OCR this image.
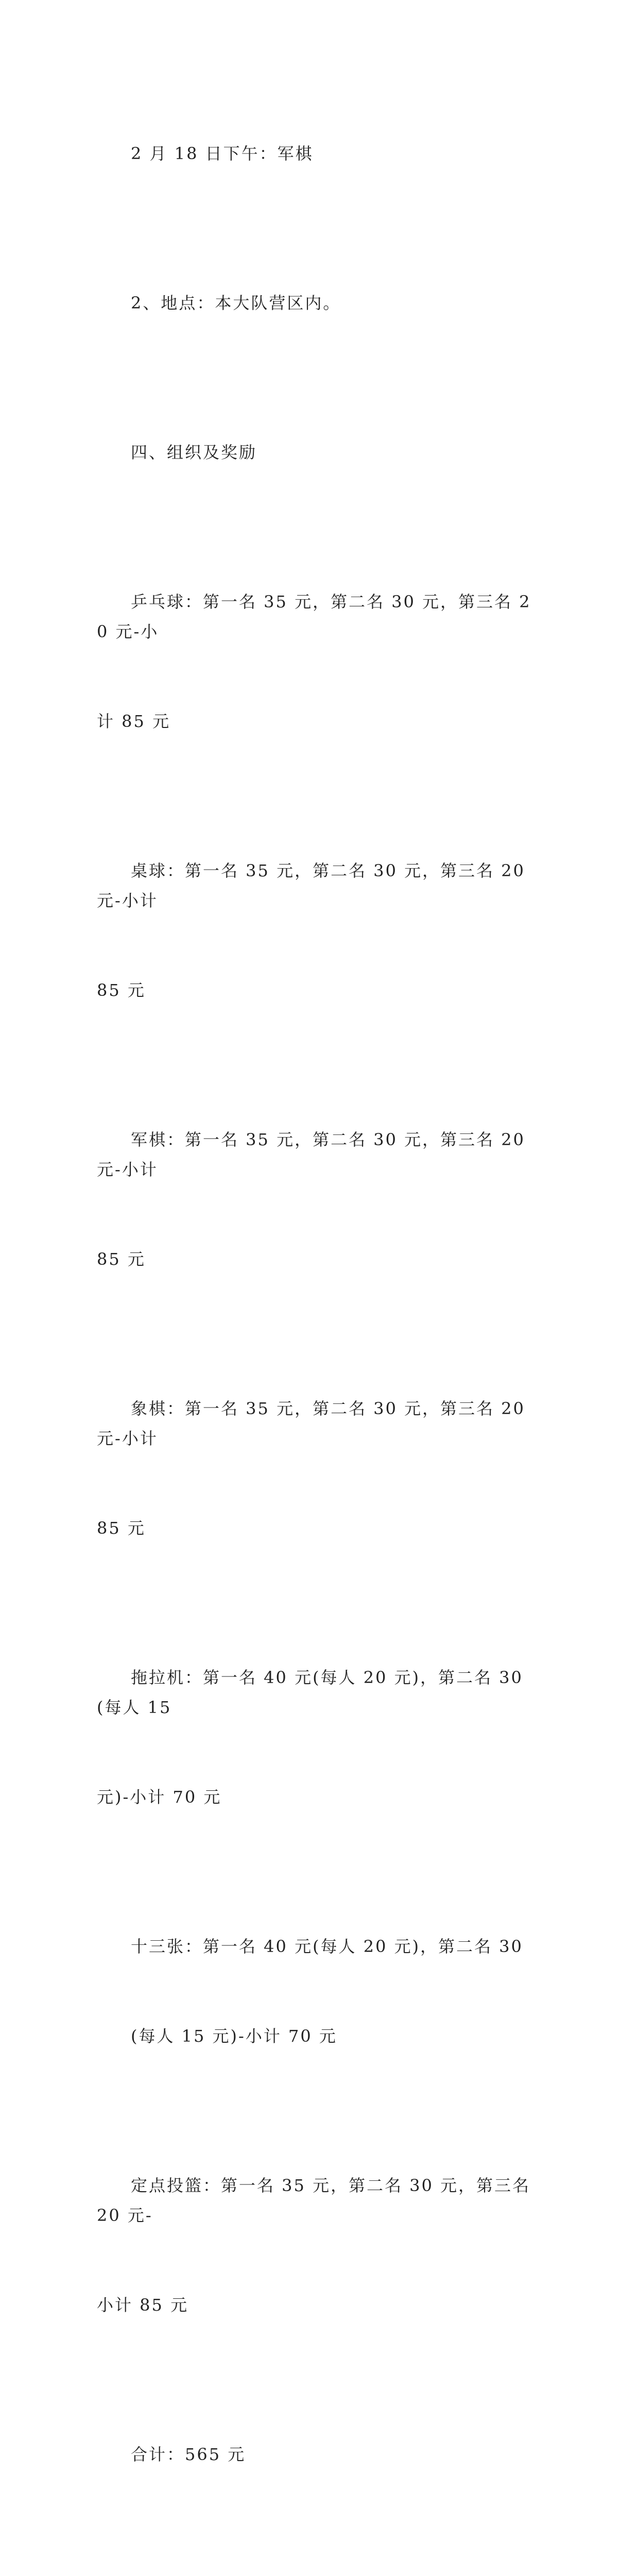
2 月 18 日下午：军棋

2、地点：本大队营区内。

四、组织及奖励

乒乓球：第一名 35 元，第二名 30 元，第三名 20 元-小

计 85 元

桌球：第一名 35 元，第二名 30 元，第三名 20 元-小计

85 元

军棋：第一名 35 元，第二名 30 元，第三名 20 元-小计

85 元

象棋：第一名 35 元，第二名 30 元，第三名 20 元-小计

85 元

拖拉机：第一名 40 元(每人 20 元)，第二名 30(每人 15

元)-小计 70 元

十三张：第一名 40 元(每人 20 元)，第二名 30

(每人 15 元)-小计 70 元

定点投篮：第一名 35 元，第二名 30 元，第三名 20 元-

小计 85 元

合计：565 元
